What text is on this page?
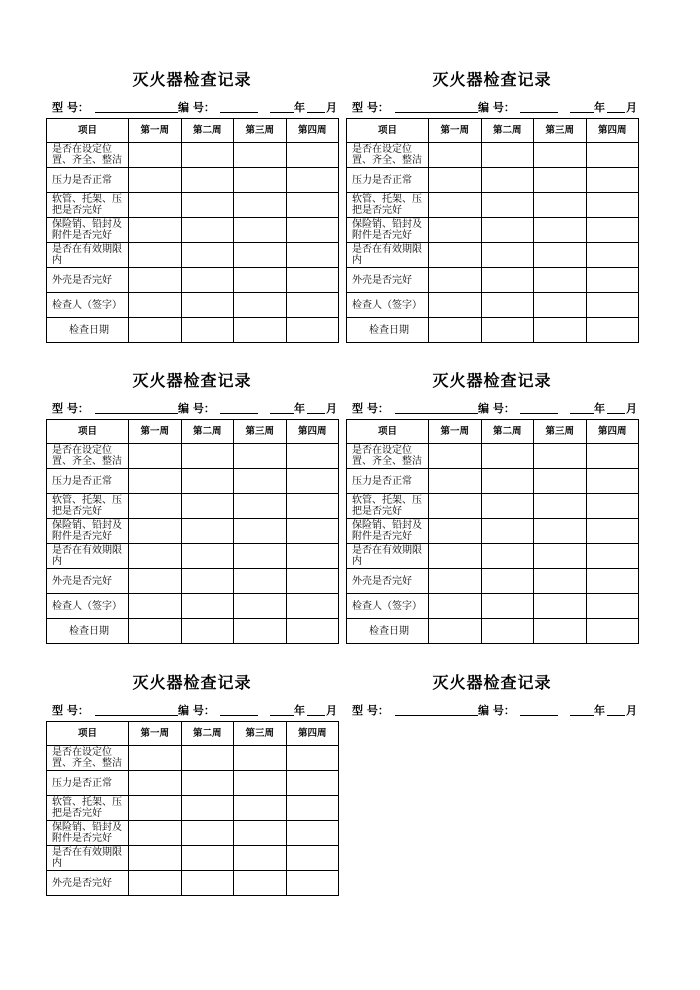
灭火器检查记录
型 号：	编 号：	年 月
项目	第一周	第二周	第三周	第四周
是否在设定位置、齐全、整洁				
压力是否正常				
软管、托架、压把是否完好				
保险销、铅封及附件是否完好				
是否在有效期限内				
外壳是否完好				
检查人（签字）				
检查日期				
灭火器检查记录
型 号：	编 号：	年 月
项目	第一周	第二周	第三周	第四周
是否在设定位置、齐全、整洁				
压力是否正常				
软管、托架、压把是否完好				
保险销、铅封及附件是否完好				
是否在有效期限内				
外壳是否完好				
检查人（签字）				
检查日期				
灭火器检查记录
型 号：	编 号：	年 月
项目	第一周	第二周	第三周	第四周
是否在设定位置、齐全、整洁				
压力是否正常				
软管、托架、压把是否完好				
保险销、铅封及附件是否完好				
是否在有效期限内				
外壳是否完好				
检查人（签字）				
检查日期				
灭火器检查记录
型 号：	编 号：	年 月
项目	第一周	第二周	第三周	第四周
是否在设定位置、齐全、整洁				
压力是否正常				
软管、托架、压把是否完好				
保险销、铅封及附件是否完好				
是否在有效期限内				
外壳是否完好				
检查人（签字）				
检查日期				
灭火器检查记录
型 号：	编 号：	年 月
项目	第一周	第二周	第三周	第四周
是否在设定位置、齐全、整洁				
压力是否正常				
软管、托架、压把是否完好				
保险销、铅封及附件是否完好				
是否在有效期限内				
外壳是否完好				
灭火器检查记录
型 号：	编 号：	年 月
